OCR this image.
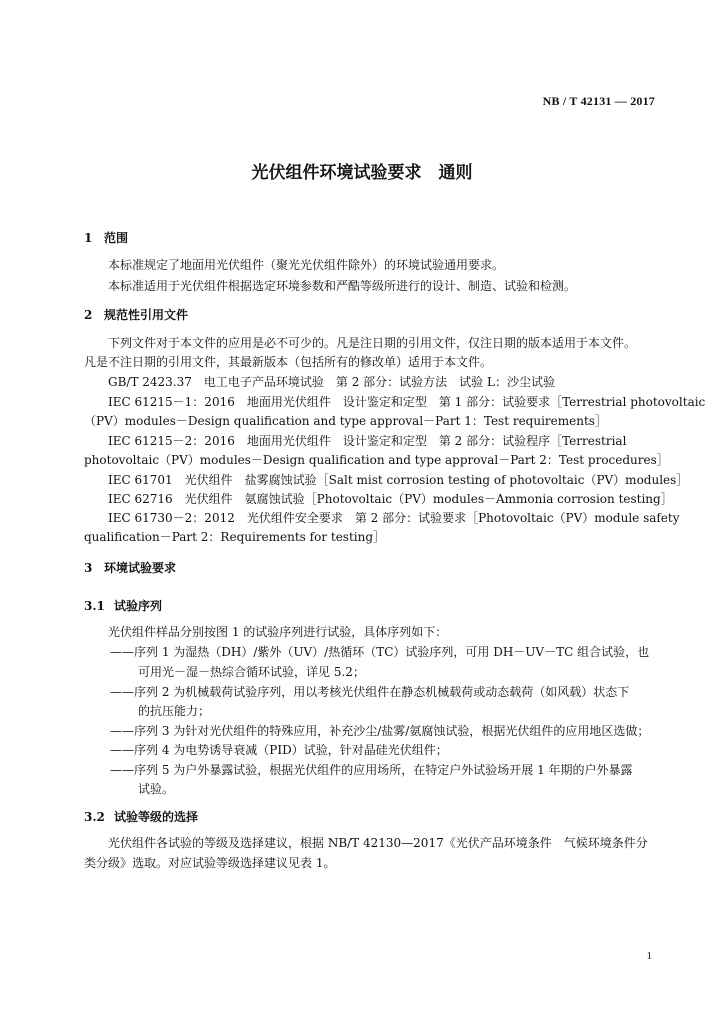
NB / T 42131 — 2017
光伏组件环境试验要求　通则
1 范围
本标准规定了地面用光伏组件（聚光光伏组件除外）的环境试验通用要求。
本标准适用于光伏组件根据选定环境参数和严酷等级所进行的设计、制造、试验和检测。
2 规范性引用文件
下列文件对于本文件的应用是必不可少的。凡是注日期的引用文件，仅注日期的版本适用于本文件。
凡是不注日期的引用文件，其最新版本（包括所有的修改单）适用于本文件。
GB/T 2423.37　电工电子产品环境试验　第 2 部分：试验方法　试验 L：沙尘试验
IEC 61215－1：2016　地面用光伏组件　设计鉴定和定型　第 1 部分：试验要求［Terrestrial photovoltaic
（PV）modules－Design qualification and type approval－Part 1：Test requirements］
IEC 61215－2：2016　地面用光伏组件　设计鉴定和定型　第 2 部分：试验程序［Terrestrial
photovoltaic（PV）modules－Design qualification and type approval－Part 2：Test procedures］
IEC 61701　光伏组件　盐雾腐蚀试验［Salt mist corrosion testing of photovoltaic（PV）modules］
IEC 62716　光伏组件　氨腐蚀试验［Photovoltaic（PV）modules－Ammonia corrosion testing］
IEC 61730－2：2012　光伏组件安全要求　第 2 部分：试验要求［Photovoltaic（PV）module safety
qualification－Part 2：Requirements for testing］
3 环境试验要求
3.1 试验序列
光伏组件样品分别按图 1 的试验序列进行试验，具体序列如下：
——序列 1 为湿热（DH）/紫外（UV）/热循环（TC）试验序列，可用 DH－UV－TC 组合试验，也
可用光－湿－热综合循环试验，详见 5.2；
——序列 2 为机械载荷试验序列，用以考核光伏组件在静态机械载荷或动态载荷（如风载）状态下
的抗压能力；
——序列 3 为针对光伏组件的特殊应用，补充沙尘/盐雾/氨腐蚀试验，根据光伏组件的应用地区选做；
——序列 4 为电势诱导衰减（PID）试验，针对晶硅光伏组件；
——序列 5 为户外暴露试验，根据光伏组件的应用场所，在特定户外试验场开展 1 年期的户外暴露
试验。
3.2 试验等级的选择
光伏组件各试验的等级及选择建议，根据 NB/T 42130—2017《光伏产品环境条件　气候环境条件分
类分级》选取。对应试验等级选择建议见表 1。
1
